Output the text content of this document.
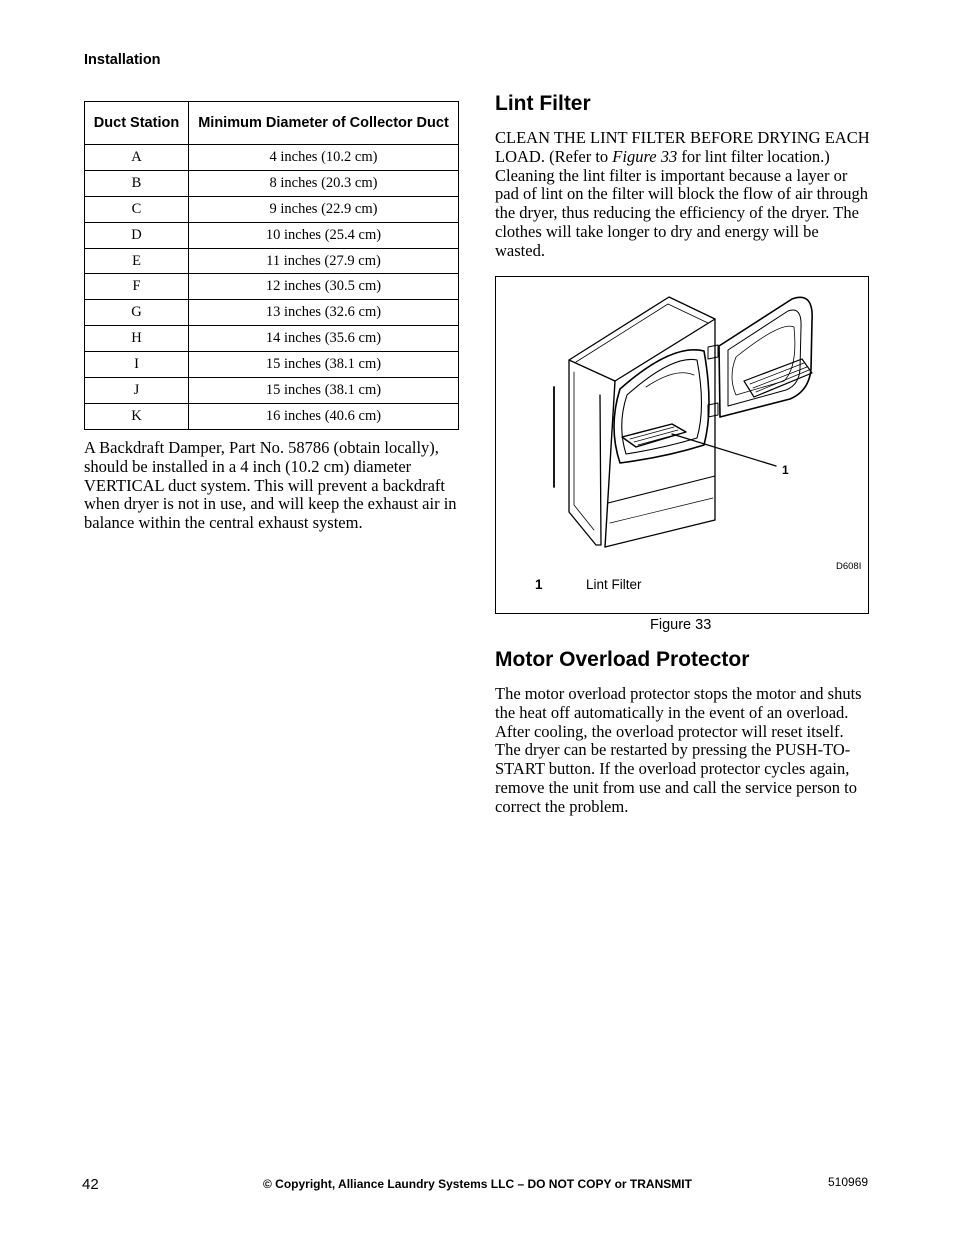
Installation
Duct Station	Minimum Diameter of Collector Duct
A	4 inches (10.2 cm)
B	8 inches (20.3 cm)
C	9 inches (22.9 cm)
D	10 inches (25.4 cm)
E	11 inches (27.9 cm)
F	12 inches (30.5 cm)
G	13 inches (32.6 cm)
H	14 inches (35.6 cm)
I	15 inches (38.1 cm)
J	15 inches (38.1 cm)
K	16 inches (40.6 cm)
A Backdraft Damper, Part No. 58786 (obtain locally), should be installed in a 4 inch (10.2 cm) diameter VERTICAL duct system. This will prevent a backdraft when dryer is not in use, and will keep the exhaust air in balance within the central exhaust system.
Lint Filter
CLEAN THE LINT FILTER BEFORE DRYING EACH LOAD. (Refer to Figure 33 for lint filter location.) Cleaning the lint filter is important because a layer or pad of lint on the filter will block the flow of air through the dryer, thus reducing the efficiency of the dryer. The clothes will take longer to dry and energy will be wasted.
1
D608I
1	Lint Filter
Figure 33
Motor Overload Protector
The motor overload protector stops the motor and shuts the heat off automatically in the event of an overload. After cooling, the overload protector will reset itself. The dryer can be restarted by pressing the PUSH-TO-START button. If the overload protector cycles again, remove the unit from use and call the service person to correct the problem.
42	© Copyright, Alliance Laundry Systems LLC – DO NOT COPY or TRANSMIT	510969
